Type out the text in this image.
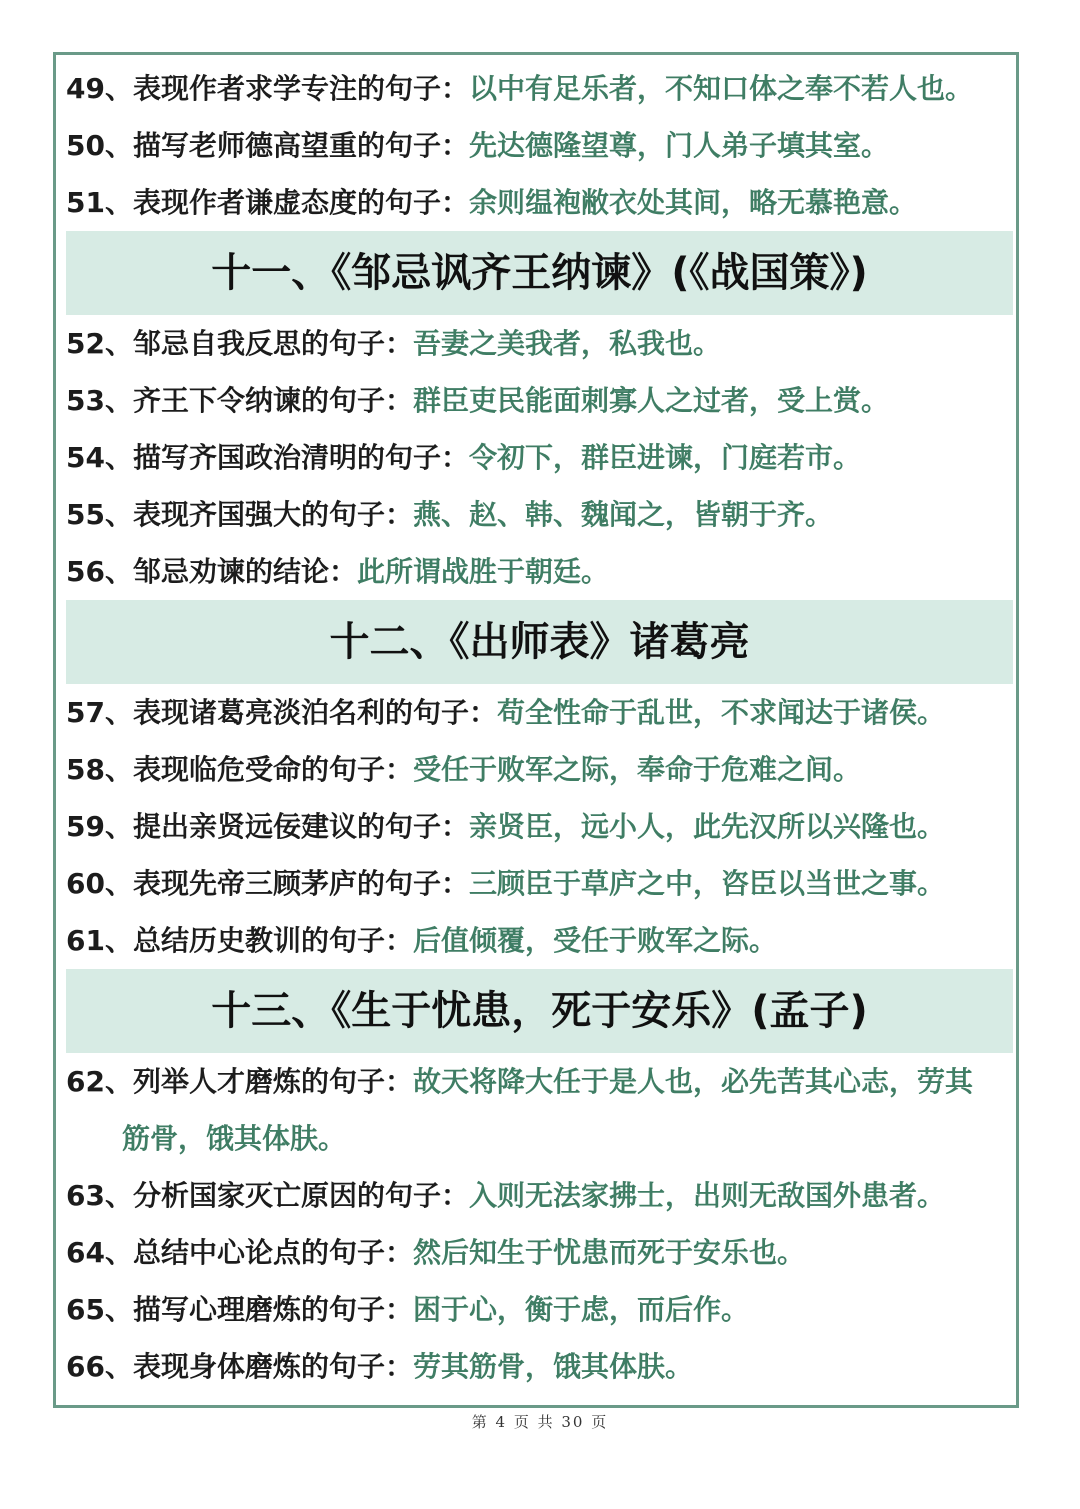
49、表现作者求学专注的句子：以中有足乐者，不知口体之奉不若人也。
50、描写老师德高望重的句子：先达德隆望尊，门人弟子填其室。
51、表现作者谦虚态度的句子：余则缊袍敝衣处其间，略无慕艳意。
十一、《邹忌讽齐王纳谏》(《战国策》)
52、邹忌自我反思的句子：吾妻之美我者，私我也。
53、齐王下令纳谏的句子：群臣吏民能面刺寡人之过者，受上赏。
54、描写齐国政治清明的句子：令初下，群臣进谏，门庭若市。
55、表现齐国强大的句子：燕、赵、韩、魏闻之，皆朝于齐。
56、邹忌劝谏的结论：此所谓战胜于朝廷。
十二、《出师表》诸葛亮
57、表现诸葛亮淡泊名利的句子：苟全性命于乱世，不求闻达于诸侯。
58、表现临危受命的句子：受任于败军之际，奉命于危难之间。
59、提出亲贤远佞建议的句子：亲贤臣，远小人，此先汉所以兴隆也。
60、表现先帝三顾茅庐的句子：三顾臣于草庐之中，咨臣以当世之事。
61、总结历史教训的句子：后值倾覆，受任于败军之际。
十三、《生于忧患，死于安乐》(孟子)
62、列举人才磨炼的句子：故天将降大任于是人也，必先苦其心志，劳其
筋骨，饿其体肤。
63、分析国家灭亡原因的句子：入则无法家拂士，出则无敌国外患者。
64、总结中心论点的句子：然后知生于忧患而死于安乐也。
65、描写心理磨炼的句子：困于心，衡于虑，而后作。
66、表现身体磨炼的句子：劳其筋骨，饿其体肤。
第 4 页 共 30 页
